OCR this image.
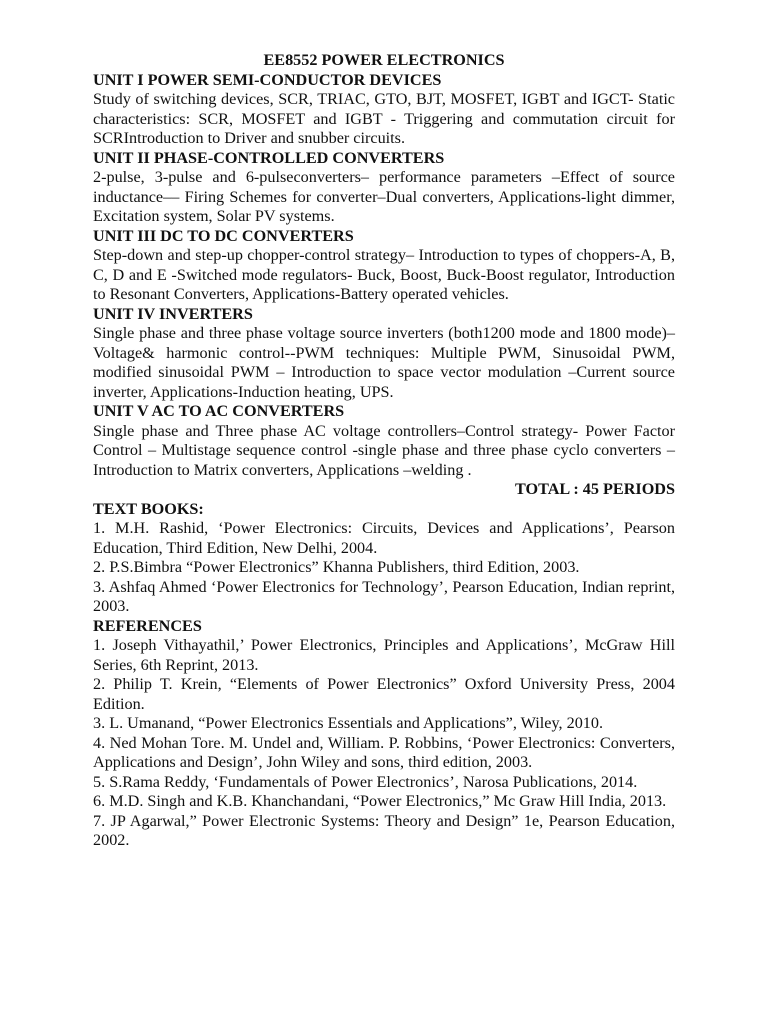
EE8552 POWER ELECTRONICS
UNIT I POWER SEMI-CONDUCTOR DEVICES
Study of switching devices, SCR, TRIAC, GTO, BJT, MOSFET, IGBT and IGCT- Static characteristics: SCR, MOSFET and IGBT - Triggering and commutation circuit for SCRIntroduction to Driver and snubber circuits.
UNIT II PHASE-CONTROLLED CONVERTERS
2-pulse, 3-pulse and 6-pulseconverters– performance parameters –Effect of source inductance–– Firing Schemes for converter–Dual converters, Applications-light dimmer, Excitation system, Solar PV systems.
UNIT III DC TO DC CONVERTERS
Step-down and step-up chopper-control strategy– Introduction to types of choppers-A, B, C, D and E -Switched mode regulators- Buck, Boost, Buck-Boost regulator, Introduction to Resonant Converters, Applications-Battery operated vehicles.
UNIT IV INVERTERS
Single phase and three phase voltage source inverters (both1200 mode and 1800 mode)– Voltage& harmonic control--PWM techniques: Multiple PWM, Sinusoidal PWM, modified sinusoidal PWM – Introduction to space vector modulation –Current source inverter, Applications-Induction heating, UPS.
UNIT V AC TO AC CONVERTERS
Single phase and Three phase AC voltage controllers–Control strategy- Power Factor Control – Multistage sequence control -single phase and three phase cyclo converters – Introduction to Matrix converters, Applications –welding .
TOTAL : 45 PERIODS
TEXT BOOKS:
1. M.H. Rashid, ‘Power Electronics: Circuits, Devices and Applications’, Pearson Education, Third Edition, New Delhi, 2004.
2. P.S.Bimbra “Power Electronics” Khanna Publishers, third Edition, 2003.
3. Ashfaq Ahmed ‘Power Electronics for Technology’, Pearson Education, Indian reprint, 2003.
REFERENCES
1. Joseph Vithayathil,’ Power Electronics, Principles and Applications’, McGraw Hill Series, 6th Reprint, 2013.
2. Philip T. Krein, “Elements of Power Electronics” Oxford University Press, 2004 Edition.
3. L. Umanand, “Power Electronics Essentials and Applications”, Wiley, 2010.
4. Ned Mohan Tore. M. Undel and, William. P. Robbins, ‘Power Electronics: Converters, Applications and Design’, John Wiley and sons, third edition, 2003.
5. S.Rama Reddy, ‘Fundamentals of Power Electronics’, Narosa Publications, 2014.
6. M.D. Singh and K.B. Khanchandani, “Power Electronics,” Mc Graw Hill India, 2013.
7. JP Agarwal,” Power Electronic Systems: Theory and Design” 1e, Pearson Education, 2002.
